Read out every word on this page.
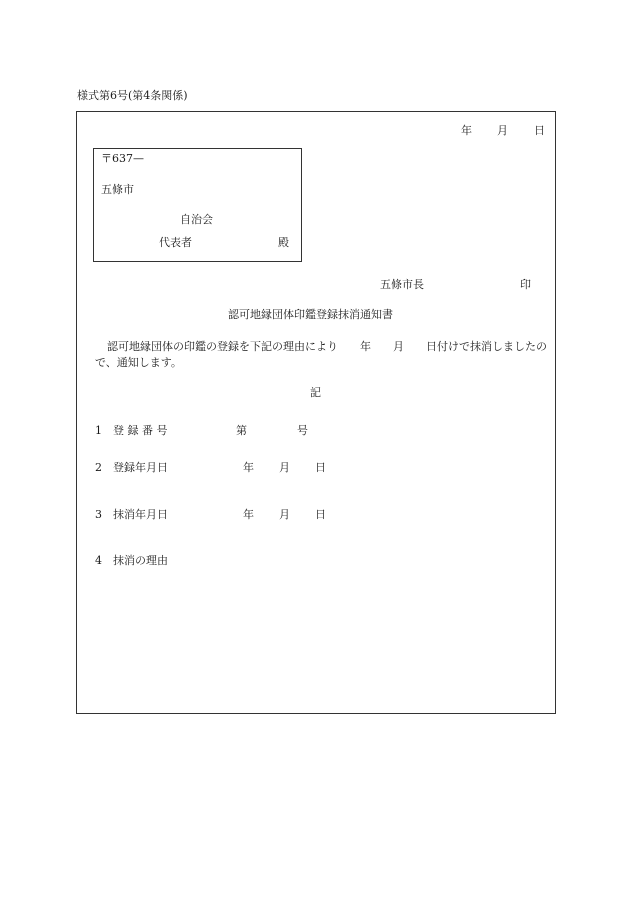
様式第6号(第4条関係)
年 月 日
〒637—
五條市
自治会
代表者	殿
五條市長	印
認可地縁団体印鑑登録抹消通知書
認可地縁団体の印鑑の登録を下記の理由により　　年　　月　　日付けで抹消しましたので、通知します。
記
1 登 録 番 号	第	号
2 登録年月日	年 月 日
3 抹消年月日	年 月 日
4 抹消の理由
